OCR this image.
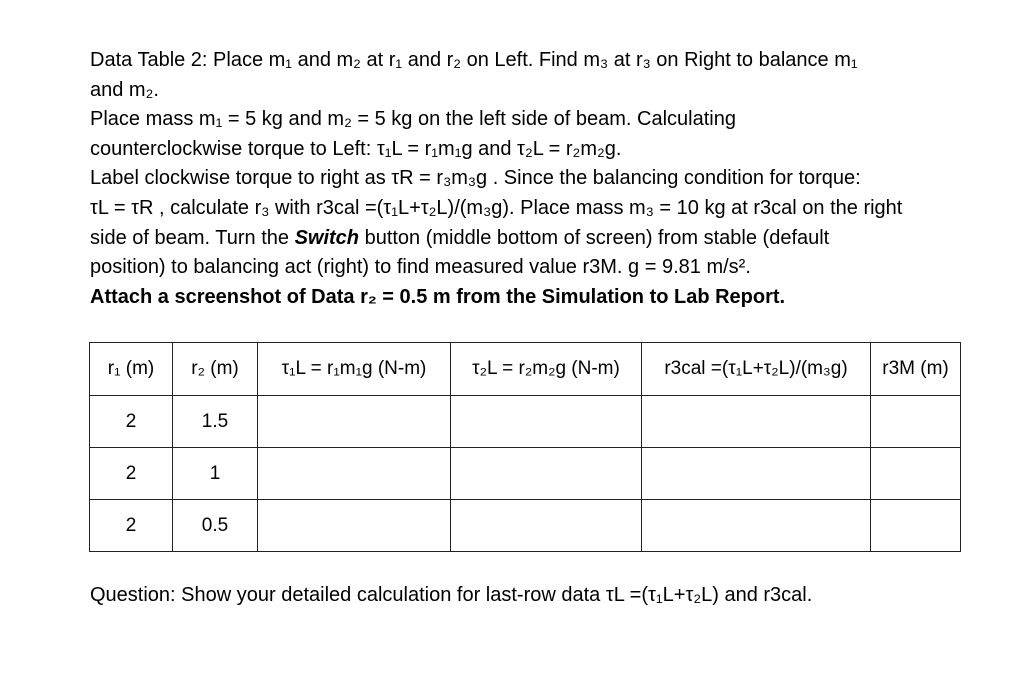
Data Table 2: Place m₁ and m₂ at r₁ and r₂ on Left. Find m₃ at r₃ on Right to balance m₁
and m₂.
Place mass m₁ = 5 kg and m₂ = 5 kg on the left side of beam. Calculating
counterclockwise torque to Left: τ₁L = r₁m₁g and τ₂L = r₂m₂g.
Label clockwise torque to right as τR = r₃m₃g . Since the balancing condition for torque:
τL = τR , calculate r₃ with r3cal =(τ₁L+τ₂L)/(m₃g). Place mass m₃ = 10 kg at r3cal on the right
side of beam. Turn the Switch button (middle bottom of screen) from stable (default
position) to balancing act (right) to find measured value r3M. g = 9.81 m/s².
Attach a screenshot of Data r₂ = 0.5 m from the Simulation to Lab Report.

r₁ (m)	r₂ (m)	τ₁L = r₁m₁g (N-m)	τ₂L = r₂m₂g (N-m)	r3cal =(τ₁L+τ₂L)/(m₃g)	r3M (m)
2	1.5				
2	1				
2	0.5				
Question: Show your detailed calculation for last-row data τL =(τ₁L+τ₂L) and r3cal.
